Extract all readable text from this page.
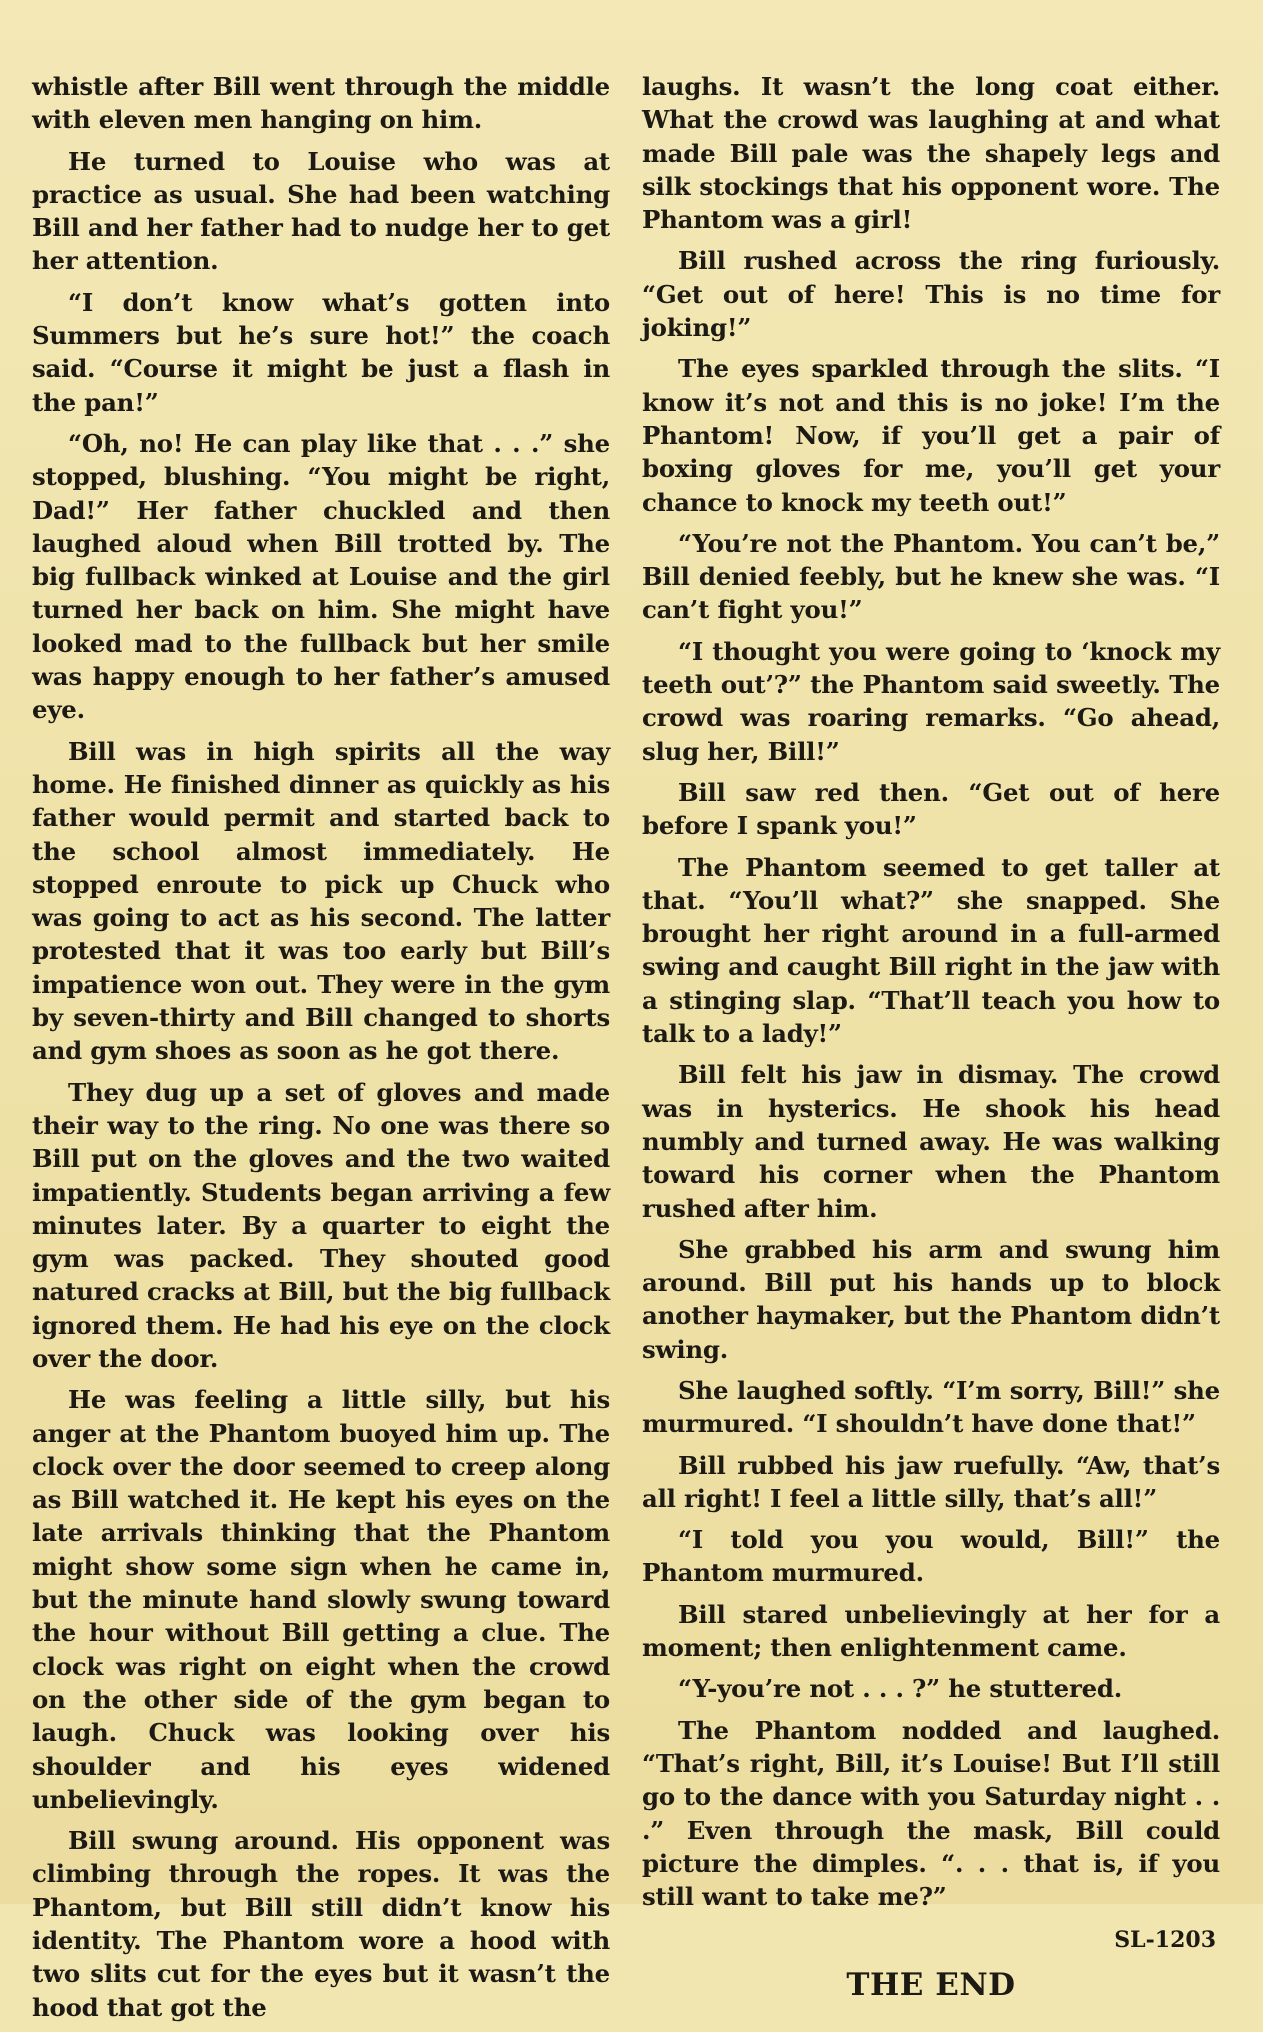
whistle after Bill went through the middle with eleven men hanging on him.

He turned to Louise who was at practice as usual. She had been watching Bill and her father had to nudge her to get her attention.

“I don’t know what’s gotten into Summers but he’s sure hot!” the coach said. “Course it might be just a flash in the pan!”

“Oh, no! He can play like that . . .” she stopped, blushing. “You might be right, Dad!” Her father chuckled and then laughed aloud when Bill trotted by. The big fullback winked at Louise and the girl turned her back on him. She might have looked mad to the fullback but her smile was happy enough to her father’s amused eye.

Bill was in high spirits all the way home. He finished dinner as quickly as his father would permit and started back to the school almost immediately. He stopped enroute to pick up Chuck who was going to act as his second. The latter protested that it was too early but Bill’s impatience won out. They were in the gym by seven-thirty and Bill changed to shorts and gym shoes as soon as he got there.

They dug up a set of gloves and made their way to the ring. No one was there so Bill put on the gloves and the two waited impatiently. Students began arriving a few minutes later. By a quarter to eight the gym was packed. They shouted good natured cracks at Bill, but the big fullback ignored them. He had his eye on the clock over the door.

He was feeling a little silly, but his anger at the Phantom buoyed him up. The clock over the door seemed to creep along as Bill watched it. He kept his eyes on the late arrivals thinking that the Phantom might show some sign when he came in, but the minute hand slowly swung toward the hour without Bill getting a clue. The clock was right on eight when the crowd on the other side of the gym began to laugh. Chuck was looking over his shoulder and his eyes widened unbelievingly.

Bill swung around. His opponent was climbing through the ropes. It was the Phantom, but Bill still didn’t know his identity. The Phantom wore a hood with two slits cut for the eyes but it wasn’t the hood that got the

laughs. It wasn’t the long coat either. What the crowd was laughing at and what made Bill pale was the shapely legs and silk stockings that his opponent wore. The Phantom was a girl!

Bill rushed across the ring furiously. “Get out of here! This is no time for joking!”

The eyes sparkled through the slits. “I know it’s not and this is no joke! I’m the Phantom! Now, if you’ll get a pair of boxing gloves for me, you’ll get your chance to knock my teeth out!”

“You’re not the Phantom. You can’t be,” Bill denied feebly, but he knew she was. “I can’t fight you!”

“I thought you were going to ‘knock my teeth out’?” the Phantom said sweetly. The crowd was roaring remarks. “Go ahead, slug her, Bill!”

Bill saw red then. “Get out of here before I spank you!”

The Phantom seemed to get taller at that. “You’ll what?” she snapped. She brought her right around in a full-armed swing and caught Bill right in the jaw with a stinging slap. “That’ll teach you how to talk to a lady!”

Bill felt his jaw in dismay. The crowd was in hysterics. He shook his head numbly and turned away. He was walking toward his corner when the Phantom rushed after him.

She grabbed his arm and swung him around. Bill put his hands up to block another haymaker, but the Phantom didn’t swing.

She laughed softly. “I’m sorry, Bill!” she murmured. “I shouldn’t have done that!”

Bill rubbed his jaw ruefully. “Aw, that’s all right! I feel a little silly, that’s all!”

“I told you you would, Bill!” the Phantom murmured.

Bill stared unbelievingly at her for a moment; then enlightenment came.

“Y-you’re not . . . ?” he stuttered.

The Phantom nodded and laughed. “That’s right, Bill, it’s Louise! But I’ll still go to the dance with you Saturday night . . .” Even through the mask, Bill could picture the dimples. “. . . that is, if you still want to take me?”

SL-1203
THE END
